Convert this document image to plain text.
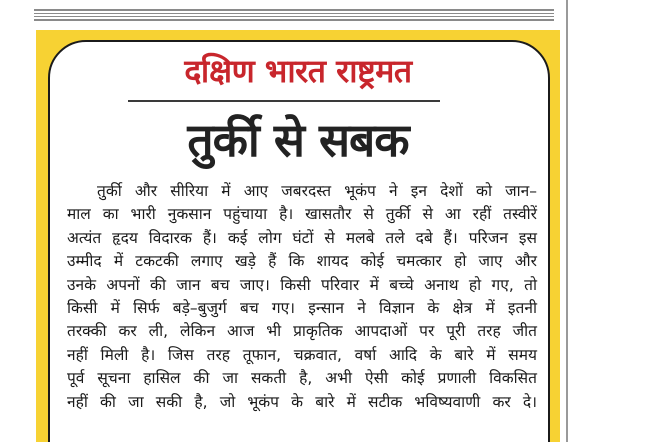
दक्षिण भारत राष्ट्रमत
तुर्की से सबक
तुर्की और सीरिया में आए जबरदस्त भूकंप ने इन देशों को जान–
माल का भारी नुकसान पहुंचाया है। खासतौर से तुर्की से आ रहीं तस्वीरें
अत्यंत हृदय विदारक हैं। कई लोग घंटों से मलबे तले दबे हैं। परिजन इस
उम्मीद में टकटकी लगाए खड़े हैं कि शायद कोई चमत्कार हो जाए और
उनके अपनों की जान बच जाए। किसी परिवार में बच्चे अनाथ हो गए, तो
किसी में सिर्फ बड़े–बुजुर्ग बच गए। इन्सान ने विज्ञान के क्षेत्र में इतनी
तरक्की कर ली, लेकिन आज भी प्राकृतिक आपदाओं पर पूरी तरह जीत
नहीं मिली है। जिस तरह तूफान, चक्रवात, वर्षा आदि के बारे में समय
पूर्व सूचना हासिल की जा सकती है, अभी ऐसी कोई प्रणाली विकसित
नहीं की जा सकी है, जो भूकंप के बारे में सटीक भविष्यवाणी कर दे।
